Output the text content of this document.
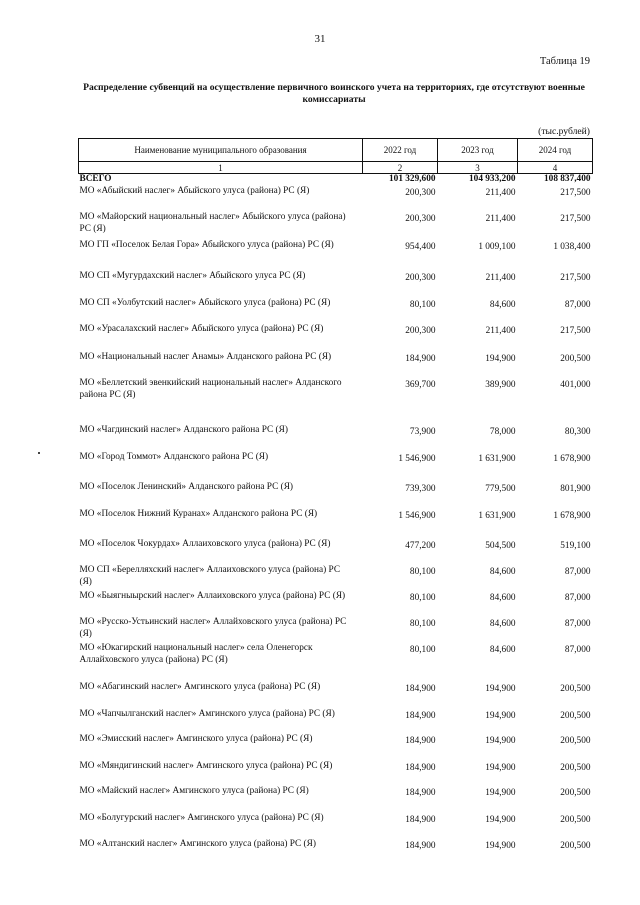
31
Таблица 19
Распределение субвенций на осуществление первичного воинского учета на территориях, где отсутствуют военные комиссариаты
(тыс.рублей)
Наименование муниципального образования	2022 год	2023 год	2024 год
1	2	3	4
ВСЕГО	101 329,600	104 933,200	108 837,400
МО «Абыйский наслег» Абыйского улуса (района) РС (Я)	200,300	211,400	217,500
МО «Майорский национальный наслег» Абыйского улуса (района) РС (Я)	200,300	211,400	217,500
МО ГП «Поселок Белая Гора» Абыйского улуса (района) РС (Я)	954,400	1 009,100	1 038,400
МО СП «Мугурдахский наслег» Абыйского улуса РС (Я)	200,300	211,400	217,500
МО СП «Уолбутский наслег» Абыйского улуса (района) РС (Я)	80,100	84,600	87,000
МО «Урасалахский наслег» Абыйского улуса (района) РС (Я)	200,300	211,400	217,500
МО «Национальный наслег Анамы» Алданского района РС (Я)	184,900	194,900	200,500
МО «Беллетский эвенкийский национальный наслег» Алданского района РС (Я)	369,700	389,900	401,000
МО «Чагдинский наслег» Алданского района РС (Я)	73,900	78,000	80,300
МО «Город Томмот» Алданского района РС (Я)	1 546,900	1 631,900	1 678,900
МО «Поселок Ленинский» Алданского района РС (Я)	739,300	779,500	801,900
МО «Поселок Нижний Куранах» Алданского района РС (Я)	1 546,900	1 631,900	1 678,900
МО «Поселок Чокурдах» Аллаиховского улуса (района) РС (Я)	477,200	504,500	519,100
МО СП «Берелляхский наслег» Аллаиховского улуса (района) РС (Я)	80,100	84,600	87,000
МО «Быягныырский наслег» Аллаиховского улуса (района) РС (Я)	80,100	84,600	87,000
МО «Русско-Устьинский наслег» Аллайховского улуса (района) РС (Я)	80,100	84,600	87,000
МО «Юкагирский национальный наслег» села Оленегорск Аллайховского улуса (района) РС (Я)	80,100	84,600	87,000
МО «Абагинский наслег» Амгинского улуса (района) РС (Я)	184,900	194,900	200,500
МО «Чапчылганский наслег» Амгинского улуса (района) РС (Я)	184,900	194,900	200,500
МО «Эмисский наслег» Амгинского улуса (района) РС (Я)	184,900	194,900	200,500
МО «Мяндигинский наслег» Амгинского улуса (района) РС (Я)	184,900	194,900	200,500
МО «Майский наслег» Амгинского улуса (района) РС (Я)	184,900	194,900	200,500
МО «Болугурский наслег» Амгинского улуса (района) РС (Я)	184,900	194,900	200,500
МО «Алтанский наслег» Амгинского улуса (района) РС (Я)	184,900	194,900	200,500
